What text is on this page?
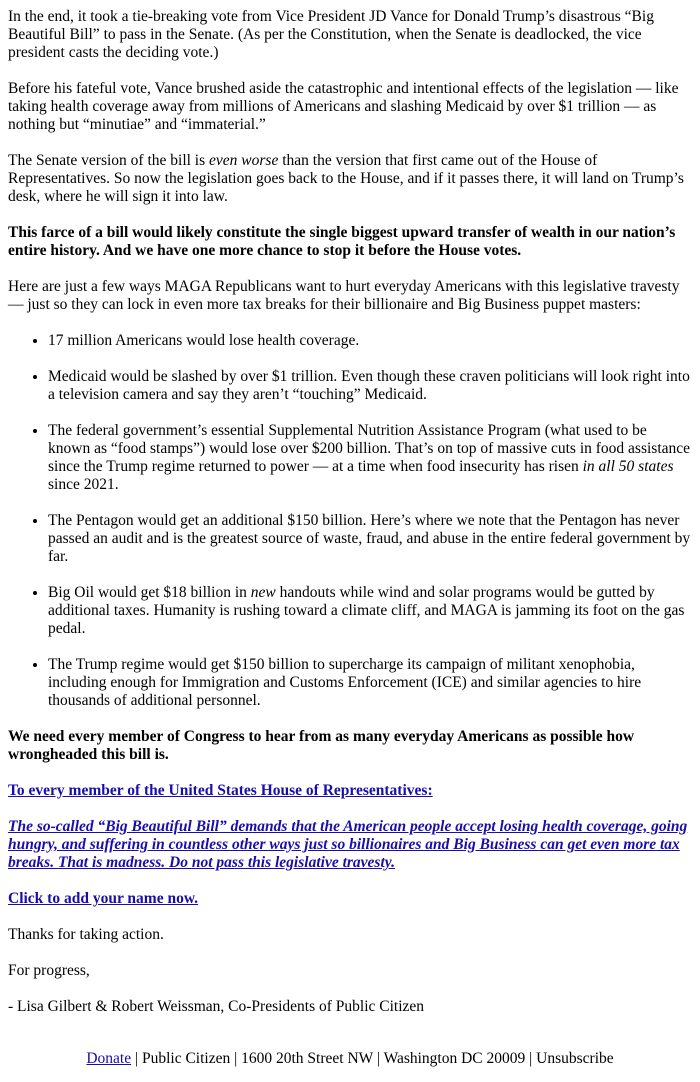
In the end, it took a tie-breaking vote from Vice President JD Vance for Donald Trump’s disastrous “Big Beautiful Bill” to pass in the Senate. (As per the Constitution, when the Senate is deadlocked, the vice president casts the deciding vote.)

Before his fateful vote, Vance brushed aside the catastrophic and intentional effects of the legislation — like taking health coverage away from millions of Americans and slashing Medicaid by over $1 trillion — as nothing but “minutiae” and “immaterial.”

The Senate version of the bill is even worse than the version that first came out of the House of Representatives. So now the legislation goes back to the House, and if it passes there, it will land on Trump’s desk, where he will sign it into law.

This farce of a bill would likely constitute the single biggest upward transfer of wealth in our nation’s entire history. And we have one more chance to stop it before the House votes.

Here are just a few ways MAGA Republicans want to hurt everyday Americans with this legislative travesty — just so they can lock in even more tax breaks for their billionaire and Big Business puppet masters:

• 17 million Americans would lose health coverage.
• Medicaid would be slashed by over $1 trillion. Even though these craven politicians will look right into a television camera and say they aren’t “touching” Medicaid.
• The federal government’s essential Supplemental Nutrition Assistance Program (what used to be known as “food stamps”) would lose over $200 billion. That’s on top of massive cuts in food assistance since the Trump regime returned to power — at a time when food insecurity has risen in all 50 states since 2021.
• The Pentagon would get an additional $150 billion. Here’s where we note that the Pentagon has never passed an audit and is the greatest source of waste, fraud, and abuse in the entire federal government by far.
• Big Oil would get $18 billion in new handouts while wind and solar programs would be gutted by additional taxes. Humanity is rushing toward a climate cliff, and MAGA is jamming its foot on the gas pedal.
• The Trump regime would get $150 billion to supercharge its campaign of militant xenophobia, including enough for Immigration and Customs Enforcement (ICE) and similar agencies to hire thousands of additional personnel.

We need every member of Congress to hear from as many everyday Americans as possible how wrongheaded this bill is.

To every member of the United States House of Representatives:

The so-called “Big Beautiful Bill” demands that the American people accept losing health coverage, going hungry, and suffering in countless other ways just so billionaires and Big Business can get even more tax breaks. That is madness. Do not pass this legislative travesty.

Click to add your name now.

Thanks for taking action.

For progress,

- Lisa Gilbert & Robert Weissman, Co-Presidents of Public Citizen

Donate | Public Citizen | 1600 20th Street NW | Washington DC 20009 | Unsubscribe
